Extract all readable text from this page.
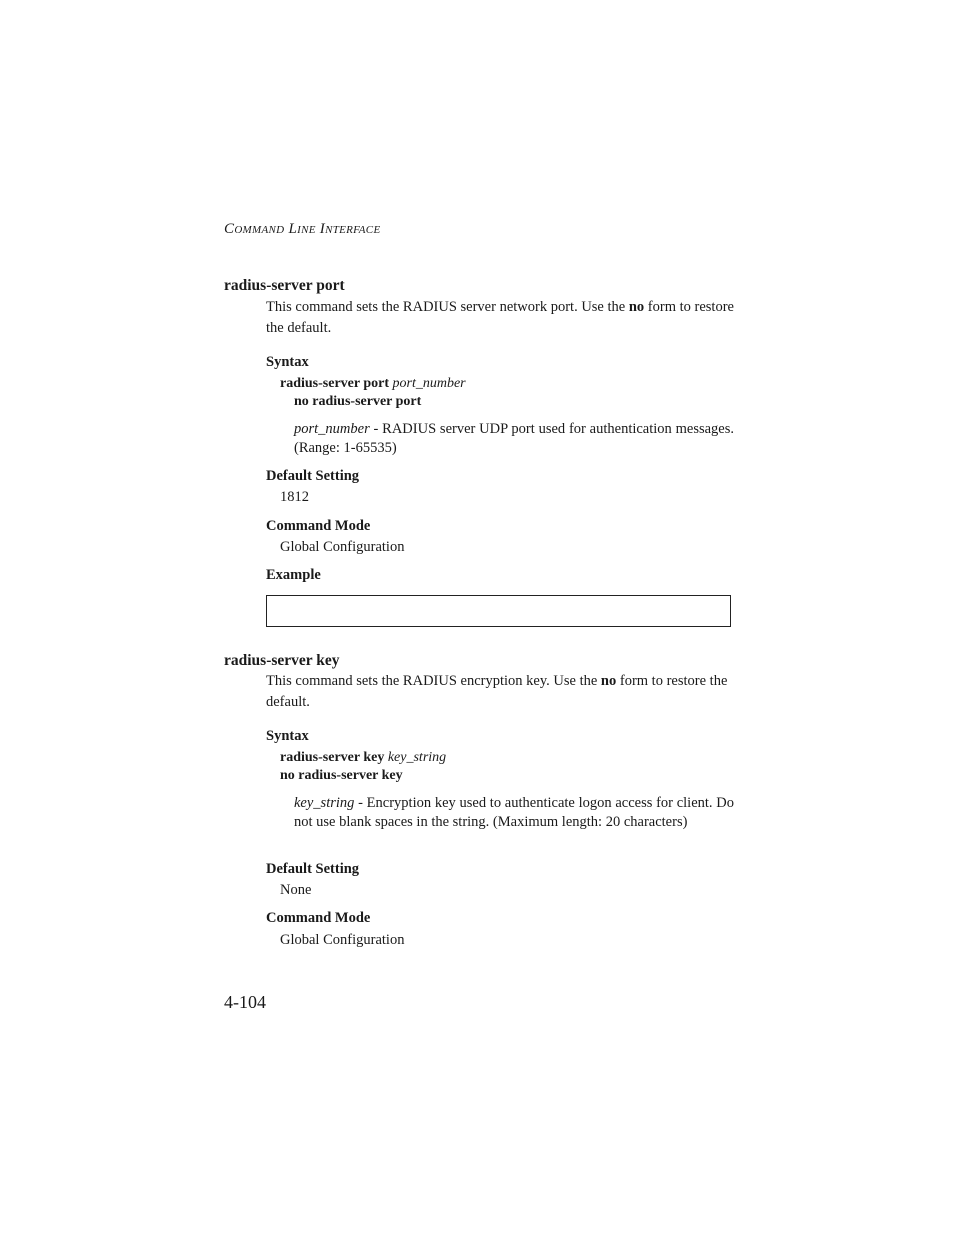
COMMAND LINE INTERFACE
radius-server port
This command sets the RADIUS server network port. Use the no form to restore the default.
Syntax
radius-server port port_number
no radius-server port
port_number - RADIUS server UDP port used for authentication messages. (Range: 1-65535)
Default Setting
1812
Command Mode
Global Configuration
Example
radius-server key
This command sets the RADIUS encryption key. Use the no form to restore the default.
Syntax
radius-server key key_string
no radius-server key
key_string - Encryption key used to authenticate logon access for client. Do not use blank spaces in the string. (Maximum length: 20 characters)
Default Setting
None
Command Mode
Global Configuration
4-104
